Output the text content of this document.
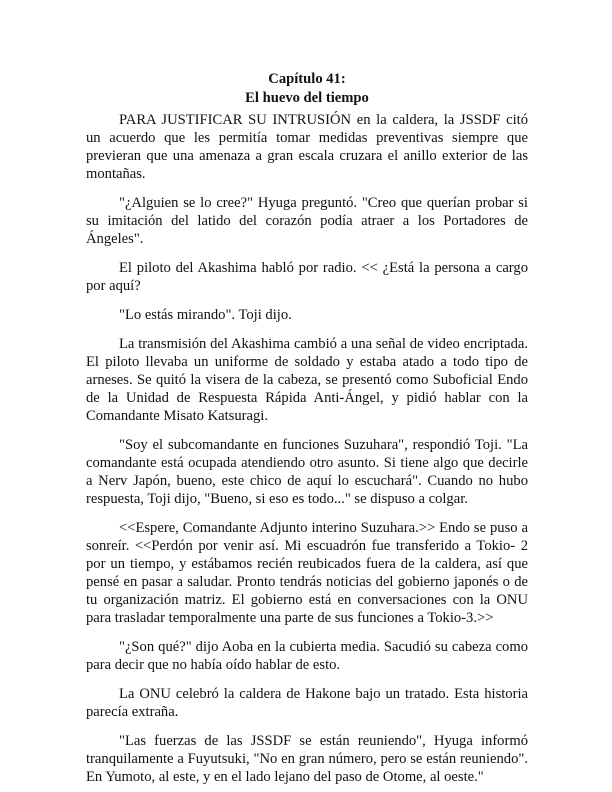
Capítulo 41:
El huevo del tiempo

PARA JUSTIFICAR SU INTRUSIÓN en la caldera, la JSSDF citó un acuerdo que les permitía tomar medidas preventivas siempre que previeran que una amenaza a gran escala cruzara el anillo exterior de las montañas.

"¿Alguien se lo cree?" Hyuga preguntó. "Creo que querían probar si su imitación del latido del corazón podía atraer a los Portadores de Ángeles".

El piloto del Akashima habló por radio. << ¿Está la persona a cargo por aquí?

"Lo estás mirando". Toji dijo.

La transmisión del Akashima cambió a una señal de video encriptada. El piloto llevaba un uniforme de soldado y estaba atado a todo tipo de arneses. Se quitó la visera de la cabeza, se presentó como Suboficial Endo de la Unidad de Respuesta Rápida Anti-Ángel, y pidió hablar con la Comandante Misato Katsuragi.

"Soy el subcomandante en funciones Suzuhara", respondió Toji. "La comandante está ocupada atendiendo otro asunto. Si tiene algo que decirle a Nerv Japón, bueno, este chico de aquí lo escuchará". Cuando no hubo respuesta, Toji dijo, "Bueno, si eso es todo..." se dispuso a colgar.

<<Espere, Comandante Adjunto interino Suzuhara.>> Endo se puso a sonreír. <<Perdón por venir así. Mi escuadrón fue transferido a Tokio- 2 por un tiempo, y estábamos recién reubicados fuera de la caldera, así que pensé en pasar a saludar. Pronto tendrás noticias del gobierno japonés o de tu organización matriz. El gobierno está en conversaciones con la ONU para trasladar temporalmente una parte de sus funciones a Tokio-3.>>

"¿Son qué?" dijo Aoba en la cubierta media. Sacudió su cabeza como para decir que no había oído hablar de esto.

La ONU celebró la caldera de Hakone bajo un tratado. Esta historia parecía extraña.

"Las fuerzas de las JSSDF se están reuniendo", Hyuga informó tranquilamente a Fuyutsuki, "No en gran número, pero se están reuniendo". En Yumoto, al este, y en el lado lejano del paso de Otome, al oeste."
